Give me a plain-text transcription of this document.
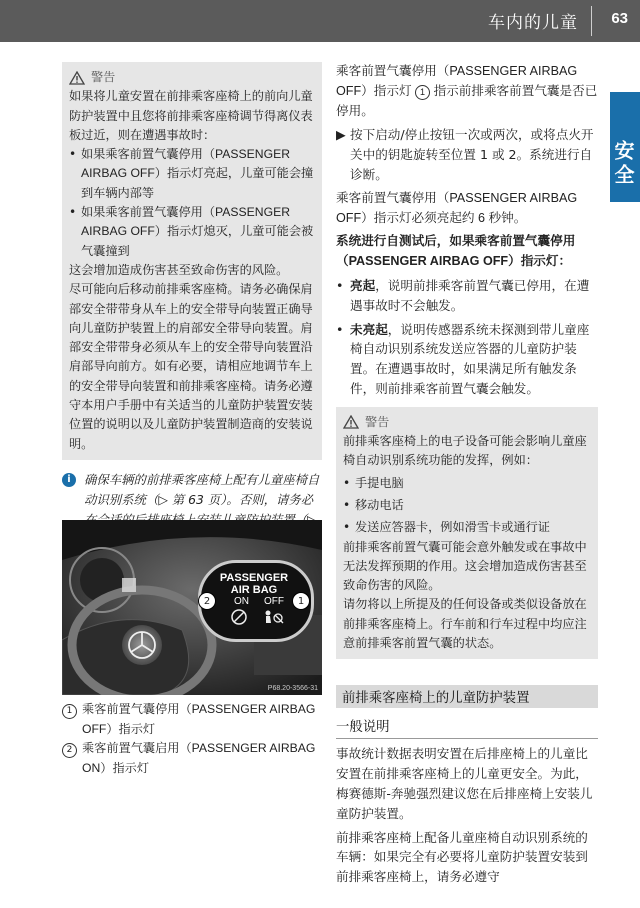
车内的儿童 63
安全
警告

如果将儿童安置在前排乘客座椅上的前向儿童防护装置中且您将前排乘客座椅调节得离仪表板过近，则在遭遇事故时：

• 如果乘客前置气囊停用（PASSENGER AIRBAG OFF）指示灯亮起，儿童可能会撞到车辆内部等
• 如果乘客前置气囊停用（PASSENGER AIRBAG OFF）指示灯熄灭，儿童可能会被气囊撞到

这会增加造成伤害甚至致命伤害的风险。

尽可能向后移动前排乘客座椅。请务必确保肩部安全带带身从车上的安全带导向装置正确导向儿童防护装置上的肩部安全带导向装置。肩部安全带带身必须从车上的安全带导向装置沿肩部导向前方。如有必要，请相应地调节车上的安全带导向装置和前排乘客座椅。请务必遵守本用户手册中有关适当的儿童防护装置安装位置的说明以及儿童防护装置制造商的安装说明。

i	确保车辆的前排乘客座椅上配有儿童座椅自动识别系统（▷ 第 63 页）。否则，请务必
PASSENGER
AIR BAG
ON OFF
2	1
P68.20-3566-31
1 乘客前置气囊停用（PASSENGER AIRBAG OFF）指示灯
2 乘客前置气囊启用（PASSENGER AIRBAG ON）指示灯

乘客前置气囊停用（PASSENGER AIRBAG OFF）指示灯 1 指示前排乘客前置气囊是否已停用。

▶ 按下启动/停止按钮一次或两次，或将点火开关中的钥匙旋转至位置 1 或 2。系统进行自诊断。

乘客前置气囊停用（PASSENGER AIRBAG OFF）指示灯必须亮起约 6 秒钟。

系统进行自测试后，如果乘客前置气囊停用（PASSENGER AIRBAG OFF）指示灯：

• 亮起，说明前排乘客前置气囊已停用，在遭遇事故时不会触发。
• 未亮起，说明传感器系统未探测到带儿童座椅自动识别系统发送应答器的儿童防护装置。在遭遇事故时，如果满足所有触发条件，则前排乘客前置气囊会触发。
警告

前排乘客座椅上的电子设备可能会影响儿童座椅自动识别系统功能的发挥，例如：

• 手提电脑
• 移动电话
• 发送应答器卡，例如滑雪卡或通行证

前排乘客前置气囊可能会意外触发或在事故中无法发挥预期的作用。这会增加造成伤害甚至致命伤害的风险。

请勿将以上所提及的任何设备或类似设备放在前排乘客座椅上。行车前和行车过程中均应注意前排乘客前置气囊的状态。

前排乘客座椅上的儿童防护装置
一般说明

事故统计数据表明安置在后排座椅上的儿童比安置在前排乘客座椅上的儿童更安全。为此，梅赛德斯-奔驰强烈建议您在后排座椅上安装儿童防护装置。

前排乘客座椅上配备儿童座椅自动识别系统的车辆：如果完全有必要将儿童防护装置安装到前排乘客座椅上，请务必遵守
